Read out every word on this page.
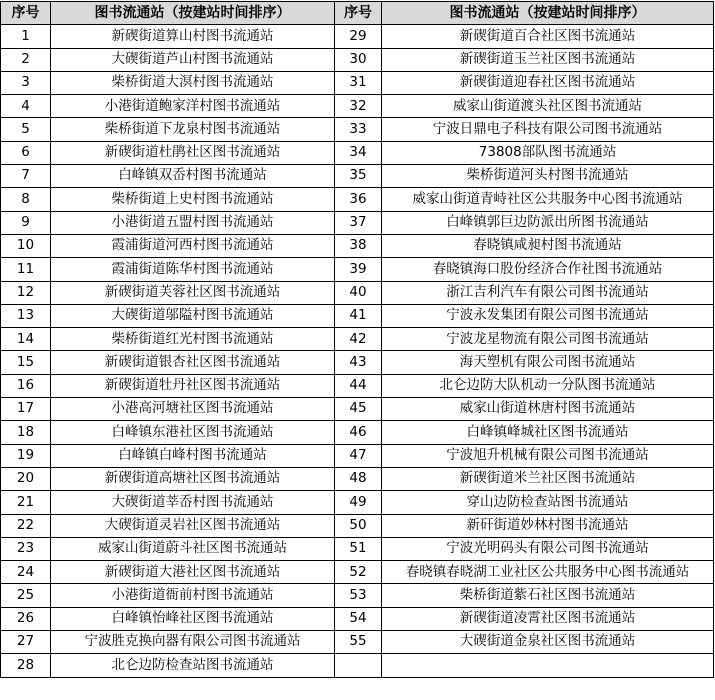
序号	图书流通站（按建站时间排序）	序号	图书流通站（按建站时间排序）
1	新碶街道算山村图书流通站	29	新碶街道百合社区图书流通站
2	大碶街道芦山村图书流通站	30	新碶街道玉兰社区图书流通站
3	柴桥街道大溟村图书流通站	31	新碶街道迎春社区图书流通站
4	小港街道鲍家洋村图书流通站	32	威家山街道渡头社区图书流通站
5	柴桥街道下龙泉村图书流通站	33	宁波日鼎电子科技有限公司图书流通站
6	新碶街道杜鹃社区图书流通站	34	73808部队图书流通站
7	白峰镇双岙村图书流通站	35	柴桥街道河头村图书流通站
8	柴桥街道上史村图书流通站	36	威家山街道青峙社区公共服务中心图书流通站
9	小港街道五盟村图书流通站	37	白峰镇郭巨边防派出所图书流通站
10	霞浦街道河西村图书流通站	38	春晓镇咸昶村图书流通站
11	霞浦街道陈华村图书流通站	39	春晓镇海口股份经济合作社图书流通站
12	新碶街道芙蓉社区图书流通站	40	浙江吉利汽车有限公司图书流通站
13	大碶街道邬隘村图书流通站	41	宁波永发集团有限公司图书流通站
14	柴桥街道红光村图书流通站	42	宁波龙星物流有限公司图书流通站
15	新碶街道银杏社区图书流通站	43	海天塑机有限公司图书流通站
16	新碶街道牡丹社区图书流通站	44	北仑边防大队机动一分队图书流通站
17	小港高河塘社区图书流通站	45	威家山街道林唐村图书流通站
18	白峰镇东港社区图书流通站	46	白峰镇峰城社区图书流通站
19	白峰镇白峰村图书流通站	47	宁波旭升机械有限公司图书流通站
20	新碶街道高塘社区图书流通站	48	新碶街道米兰社区图书流通站
21	大碶街道莘岙村图书流通站	49	穿山边防检查站图书流通站
22	大碶街道灵岩社区图书流通站	50	新矸街道妙林村图书流通站
23	威家山街道蔚斗社区图书流通站	51	宁波光明码头有限公司图书流通站
24	新碶街道大港社区图书流通站	52	春晓镇春晓湖工业社区公共服务中心图书流通站
25	小港街道衙前村图书流通站	53	柴桥街道紫石社区图书流通站
26	白峰镇怡峰社区图书流通站	54	新碶街道凌霄社区图书流通站
27	宁波胜克换向器有限公司图书流通站	55	大碶街道金泉社区图书流通站
28	北仑边防检查站图书流通站		
